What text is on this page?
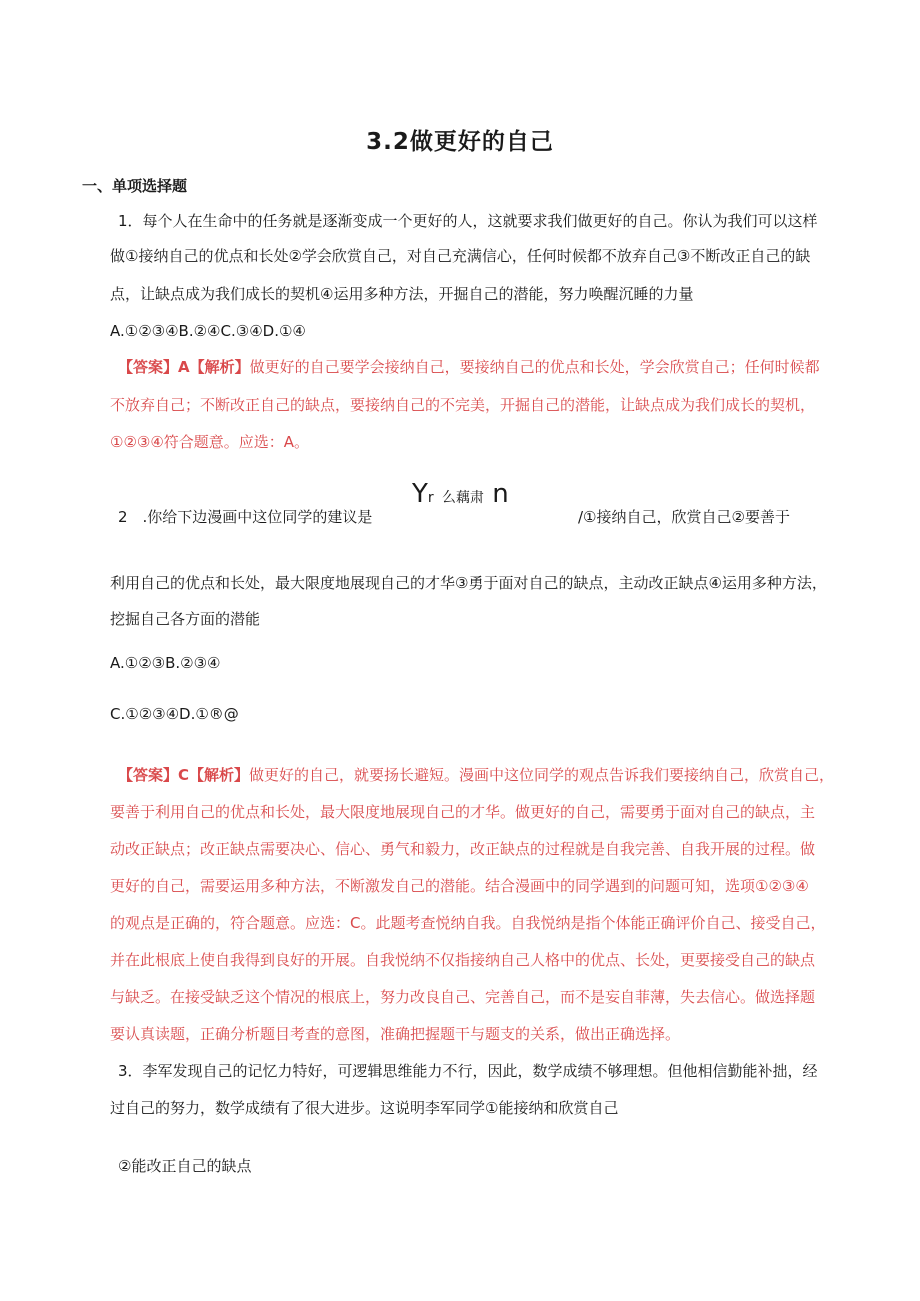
3.2做更好的自己
一、单项选择题
1．每个人在生命中的任务就是逐渐变成一个更好的人，这就要求我们做更好的自己。你认为我们可以这样
做①接纳自己的优点和长处②学会欣赏自己，对自己充满信心，任何时候都不放弃自己③不断改正自己的缺
点，让缺点成为我们成长的契机④运用多种方法，开掘自己的潜能，努力唤醒沉睡的力量
A.①②③④B.②④C.③④D.①④
【答案】A【解析】做更好的自己要学会接纳自己，要接纳自己的优点和长处，学会欣赏自己；任何时候都
不放弃自己；不断改正自己的缺点，要接纳自己的不完美，开掘自己的潜能，让缺点成为我们成长的契机，
①②③④符合题意。应选：A。
Yr 么藕肃 n
2　.你给下边漫画中这位同学的建议是	/①接纳自己，欣赏自己②要善于
利用自己的优点和长处，最大限度地展现自己的才华③勇于面对自己的缺点，主动改正缺点④运用多种方法，
挖掘自己各方面的潜能
A.①②③B.②③④
C.①②③④D.①®@
【答案】C【解析】做更好的自己，就要扬长避短。漫画中这位同学的观点告诉我们要接纳自己，欣赏自己，
要善于利用自己的优点和长处，最大限度地展现自己的才华。做更好的自己，需要勇于面对自己的缺点，主
动改正缺点；改正缺点需要决心、信心、勇气和毅力，改正缺点的过程就是自我完善、自我开展的过程。做
更好的自己，需要运用多种方法，不断激发自己的潜能。结合漫画中的同学遇到的问题可知，选项①②③④
的观点是正确的，符合题意。应选：C。此题考查悦纳自我。自我悦纳是指个体能正确评价自己、接受自己，
并在此根底上使自我得到良好的开展。自我悦纳不仅指接纳自己人格中的优点、长处，更要接受自己的缺点
与缺乏。在接受缺乏这个情况的根底上，努力改良自己、完善自己，而不是妄自菲薄，失去信心。做选择题
要认真读题，正确分析题目考查的意图，准确把握题干与题支的关系，做出正确选择。
3．李军发现自己的记忆力特好，可逻辑思维能力不行，因此，数学成绩不够理想。但他相信勤能补拙，经
过自己的努力，数学成绩有了很大进步。这说明李军同学①能接纳和欣赏自己
②能改正自己的缺点
